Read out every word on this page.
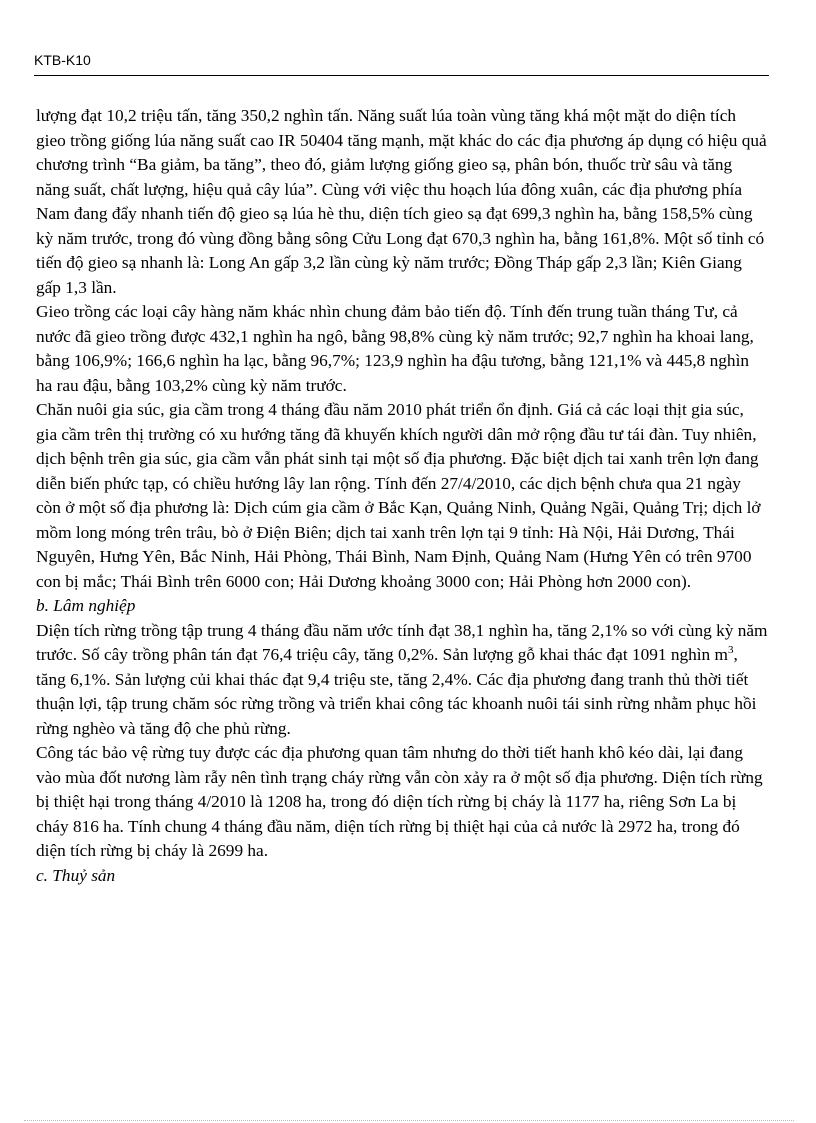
KTB-K10

lượng đạt 10,2 triệu tấn, tăng 350,2 nghìn tấn. Năng suất lúa toàn vùng tăng khá một mặt do diện tích gieo trồng giống lúa năng suất cao IR 50404 tăng mạnh, mặt khác do các địa phương áp dụng có hiệu quả chương trình “Ba giảm, ba tăng”, theo đó, giảm lượng giống gieo sạ, phân bón, thuốc trừ sâu và tăng năng suất, chất lượng, hiệu quả cây lúa”. Cùng với việc thu hoạch lúa đông xuân, các địa phương phía Nam đang đẩy nhanh tiến độ gieo sạ lúa hè thu, diện tích gieo sạ đạt 699,3 nghìn ha, bằng 158,5% cùng kỳ năm trước, trong đó vùng đồng bằng sông Cửu Long đạt 670,3 nghìn ha, bằng 161,8%. Một số tỉnh có tiến độ gieo sạ nhanh là: Long An gấp 3,2 lần cùng kỳ năm trước; Đồng Tháp gấp 2,3 lần; Kiên Giang gấp 1,3 lần.

Gieo trồng các loại cây hàng năm khác nhìn chung đảm bảo tiến độ. Tính đến trung tuần tháng Tư, cả nước đã gieo trồng được 432,1 nghìn ha ngô, bằng 98,8% cùng kỳ năm trước; 92,7 nghìn ha khoai lang, bằng 106,9%; 166,6 nghìn ha lạc, bằng 96,7%; 123,9 nghìn ha đậu tương, bằng 121,1% và 445,8 nghìn ha rau đậu, bằng 103,2% cùng kỳ năm trước.

Chăn nuôi gia súc, gia cầm trong 4 tháng đầu năm 2010 phát triển ổn định. Giá cả các loại thịt gia súc, gia cầm trên thị trường có xu hướng tăng đã khuyến khích người dân mở rộng đầu tư tái đàn. Tuy nhiên, dịch bệnh trên gia súc, gia cầm vẫn phát sinh tại một số địa phương. Đặc biệt dịch tai xanh trên lợn đang diễn biến phức tạp, có chiều hướng lây lan rộng. Tính đến 27/4/2010, các dịch bệnh chưa qua 21 ngày còn ở một số địa phương là: Dịch cúm gia cầm ở Bắc Kạn, Quảng Ninh, Quảng Ngãi, Quảng Trị; dịch lở mồm long móng trên trâu, bò ở Điện Biên; dịch tai xanh trên lợn tại 9 tỉnh: Hà Nội, Hải Dương, Thái Nguyên, Hưng Yên, Bắc Ninh, Hải Phòng, Thái Bình, Nam Định, Quảng Nam (Hưng Yên có trên 9700 con bị mắc; Thái Bình trên 6000 con; Hải Dương khoảng 3000 con; Hải Phòng hơn 2000 con).

b. Lâm nghiệp

Diện tích rừng trồng tập trung 4 tháng đầu năm ước tính đạt 38,1 nghìn ha, tăng 2,1% so với cùng kỳ năm trước. Số cây trồng phân tán đạt 76,4 triệu cây, tăng 0,2%. Sản lượng gỗ khai thác đạt 1091 nghìn $m^3$, tăng 6,1%. Sản lượng củi khai thác đạt 9,4 triệu ste, tăng 2,4%. Các địa phương đang tranh thủ thời tiết thuận lợi, tập trung chăm sóc rừng trồng và triển khai công tác khoanh nuôi tái sinh rừng nhằm phục hồi rừng nghèo và tăng độ che phủ rừng.

Công tác bảo vệ rừng tuy được các địa phương quan tâm nhưng do thời tiết hanh khô kéo dài, lại đang vào mùa đốt nương làm rẫy nên tình trạng cháy rừng vẫn còn xảy ra ở một số địa phương. Diện tích rừng bị thiệt hại trong tháng 4/2010 là 1208 ha, trong đó diện tích rừng bị cháy là 1177 ha, riêng Sơn La bị cháy 816 ha. Tính chung 4 tháng đầu năm, diện tích rừng bị thiệt hại của cả nước là 2972 ha, trong đó diện tích rừng bị cháy là 2699 ha.

c. Thuỷ sản
